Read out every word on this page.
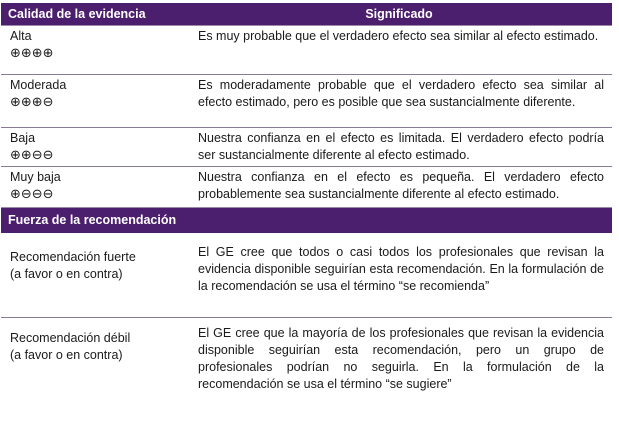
Calidad de la evidencia	Significado
Alta
⊕⊕⊕⊕
Es muy probable que el verdadero efecto sea similar al efecto estimado.
Moderada
⊕⊕⊕⊖
Es moderadamente probable que el verdadero efecto sea similar al efecto estimado, pero es posible que sea sustancialmente diferente.
Baja
⊕⊕⊖⊖
Nuestra confianza en el efecto es limitada. El verdadero efecto podría ser sustancialmente diferente al efecto estimado.
Muy baja
⊕⊖⊖⊖
Nuestra confianza en el efecto es pequeña. El verdadero efecto probablemente sea sustancialmente diferente al efecto estimado.
Fuerza de la recomendación
Recomendación fuerte
(a favor o en contra)
El GE cree que todos o casi todos los profesionales que revisan la evidencia disponible seguirían esta recomendación. En la formulación de la recomendación se usa el término “se recomienda”
Recomendación débil
(a favor o en contra)
El GE cree que la mayoría de los profesionales que revisan la evidencia disponible seguirían esta recomendación, pero un grupo de profesionales podrían no seguirla. En la formulación de la recomendación se usa el término “se sugiere”
